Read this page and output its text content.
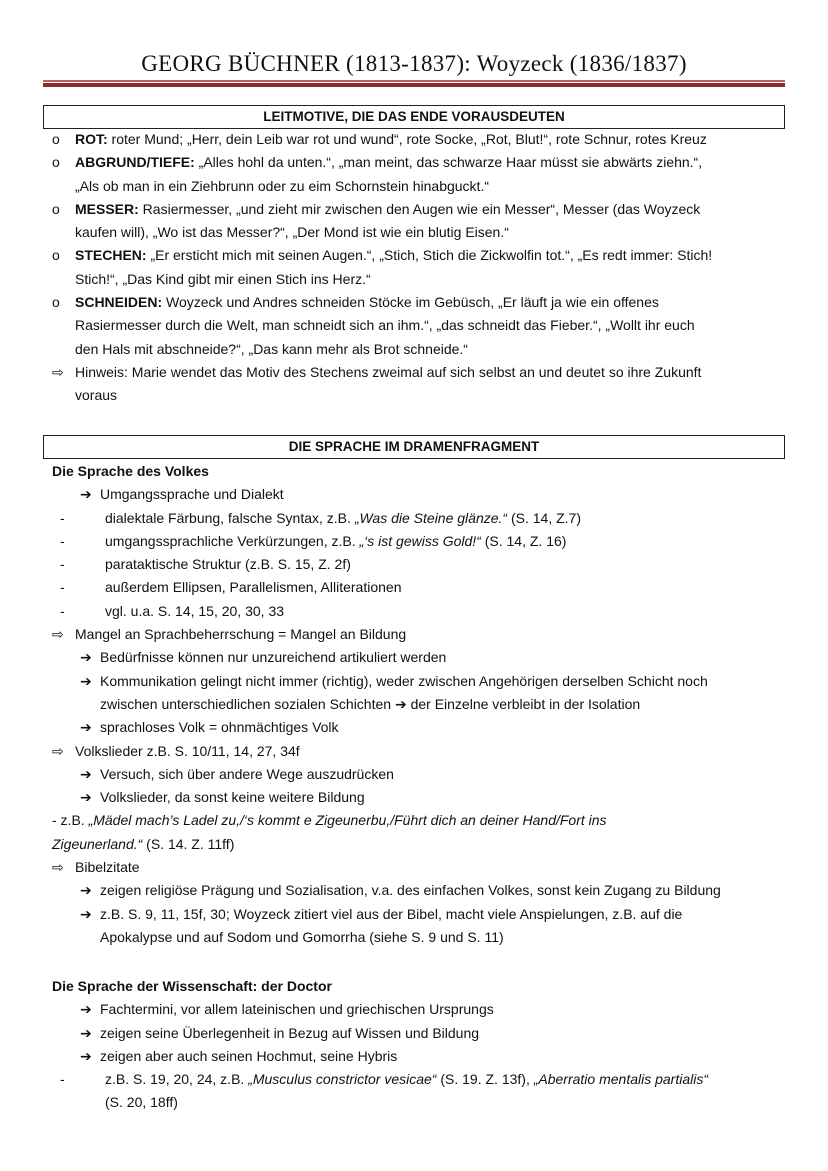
GEORG BÜCHNER (1813-1837): Woyzeck (1836/1837)
LEITMOTIVE, DIE DAS ENDE VORAUSDEUTEN
o	ROT: roter Mund; „Herr, dein Leib war rot und wund“, rote Socke, „Rot, Blut!“, rote Schnur, rotes Kreuz
o	ABGRUND/TIEFE: „Alles hohl da unten.“, „man meint, das schwarze Haar müsst sie abwärts ziehn.“,
„Als ob man in ein Ziehbrunn oder zu eim Schornstein hinabguckt.“
o	MESSER: Rasiermesser, „und zieht mir zwischen den Augen wie ein Messer“, Messer (das Woyzeck
kaufen will), „Wo ist das Messer?“, „Der Mond ist wie ein blutig Eisen.“
o	STECHEN: „Er ersticht mich mit seinen Augen.“, „Stich, Stich die Zickwolfin tot.“, „Es redt immer: Stich!
Stich!“, „Das Kind gibt mir einen Stich ins Herz.“
o	SCHNEIDEN: Woyzeck und Andres schneiden Stöcke im Gebüsch, „Er läuft ja wie ein offenes
Rasiermesser durch die Welt, man schneidt sich an ihm.“, „das schneidt das Fieber.“, „Wollt ihr euch
den Hals mit abschneide?“, „Das kann mehr als Brot schneide.“
⇨ Hinweis: Marie wendet das Motiv des Stechens zweimal auf sich selbst an und deutet so ihre Zukunft
voraus
DIE SPRACHE IM DRAMENFRAGMENT
Die Sprache des Volkes
➔ Umgangssprache und Dialekt
-	dialektale Färbung, falsche Syntax, z.B. „Was die Steine glänze.“ (S. 14, Z.7)
-	umgangssprachliche Verkürzungen, z.B. „‘s ist gewiss Gold!“ (S. 14, Z. 16)
-	parataktische Struktur (z.B. S. 15, Z. 2f)
-	außerdem Ellipsen, Parallelismen, Alliterationen
-	vgl. u.a. S. 14, 15, 20, 30, 33
⇨ Mangel an Sprachbeherrschung = Mangel an Bildung
➔ Bedürfnisse können nur unzureichend artikuliert werden
➔ Kommunikation gelingt nicht immer (richtig), weder zwischen Angehörigen derselben Schicht noch
zwischen unterschiedlichen sozialen Schichten ➔ der Einzelne verbleibt in der Isolation
➔ sprachloses Volk = ohnmächtiges Volk
⇨ Volkslieder z.B. S. 10/11, 14, 27, 34f
➔ Versuch, sich über andere Wege auszudrücken
➔ Volkslieder, da sonst keine weitere Bildung
- z.B. „Mädel mach’s Ladel zu,/‘s kommt e Zigeunerbu,/Führt dich an deiner Hand/Fort ins
Zigeunerland.“ (S. 14. Z. 11ff)
⇨ Bibelzitate
➔ zeigen religiöse Prägung und Sozialisation, v.a. des einfachen Volkes, sonst kein Zugang zu Bildung
➔ z.B. S. 9, 11, 15f, 30; Woyzeck zitiert viel aus der Bibel, macht viele Anspielungen, z.B. auf die
Apokalypse und auf Sodom und Gomorrha (siehe S. 9 und S. 11)
Die Sprache der Wissenschaft: der Doctor
➔ Fachtermini, vor allem lateinischen und griechischen Ursprungs
➔ zeigen seine Überlegenheit in Bezug auf Wissen und Bildung
➔ zeigen aber auch seinen Hochmut, seine Hybris
-	z.B. S. 19, 20, 24, z.B. „Musculus constrictor vesicae“ (S. 19. Z. 13f), „Aberratio mentalis partialis“
(S. 20, 18ff)
